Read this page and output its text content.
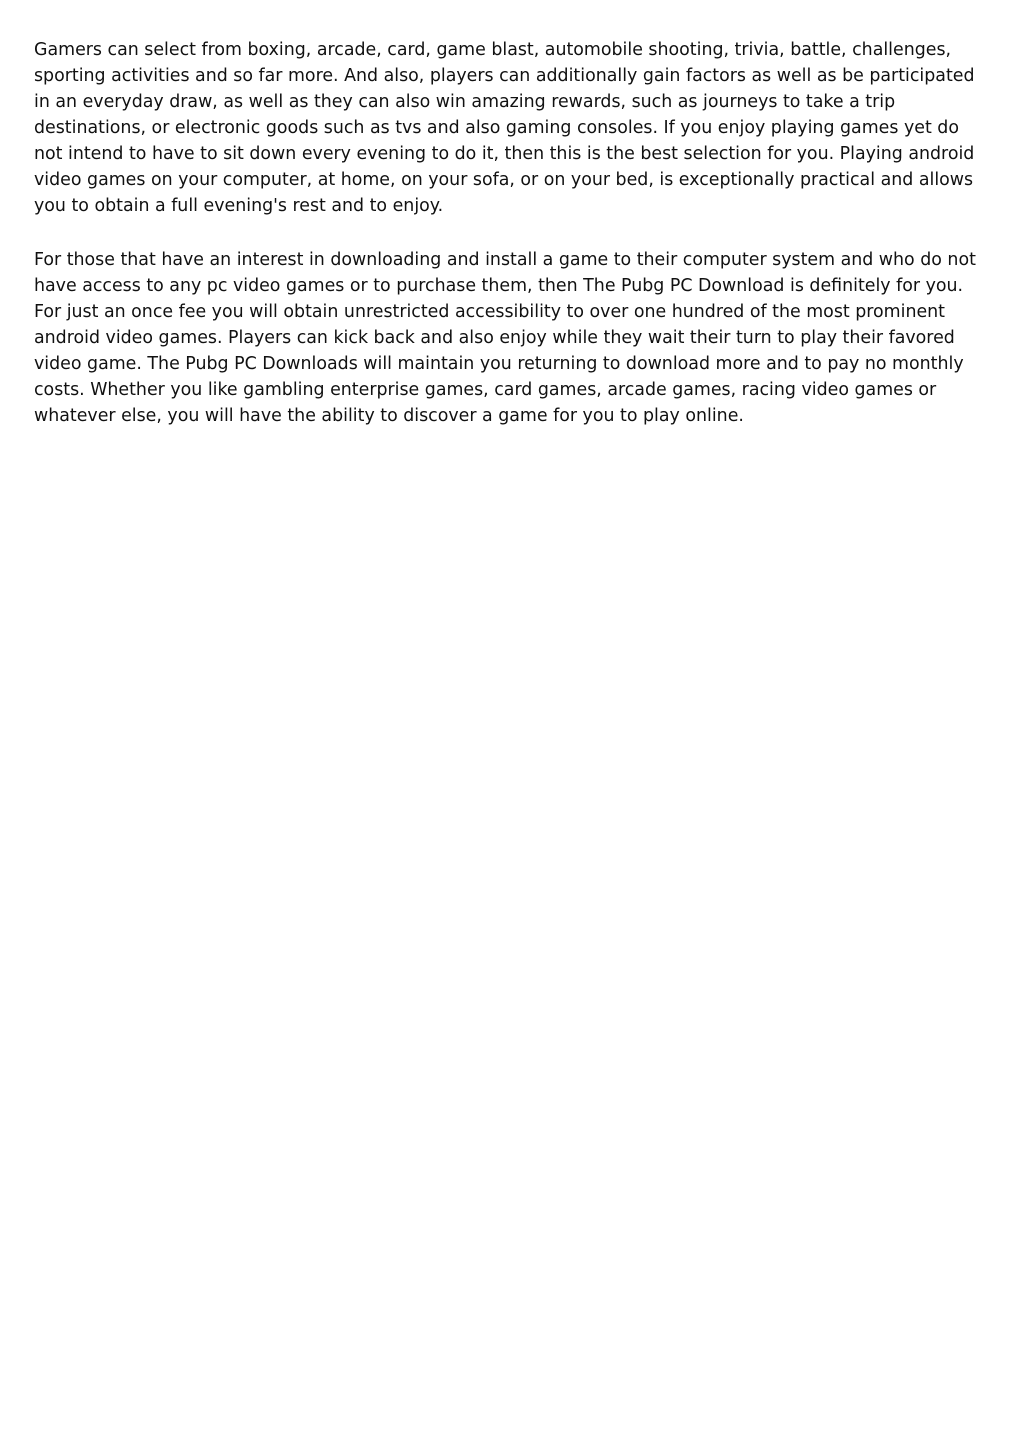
Gamers can select from boxing, arcade, card, game blast, automobile shooting, trivia, battle, challenges, sporting activities and so far more. And also, players can additionally gain factors as well as be participated in an everyday draw, as well as they can also win amazing rewards, such as journeys to take a trip destinations, or electronic goods such as tvs and also gaming consoles. If you enjoy playing games yet do not intend to have to sit down every evening to do it, then this is the best selection for you. Playing android video games on your computer, at home, on your sofa, or on your bed, is exceptionally practical and allows you to obtain a full evening's rest and to enjoy.

For those that have an interest in downloading and install a game to their computer system and who do not have access to any pc video games or to purchase them, then The Pubg PC Download is definitely for you. For just an once fee you will obtain unrestricted accessibility to over one hundred of the most prominent android video games. Players can kick back and also enjoy while they wait their turn to play their favored video game. The Pubg PC Downloads will maintain you returning to download more and to pay no monthly costs. Whether you like gambling enterprise games, card games, arcade games, racing video games or whatever else, you will have the ability to discover a game for you to play online.
